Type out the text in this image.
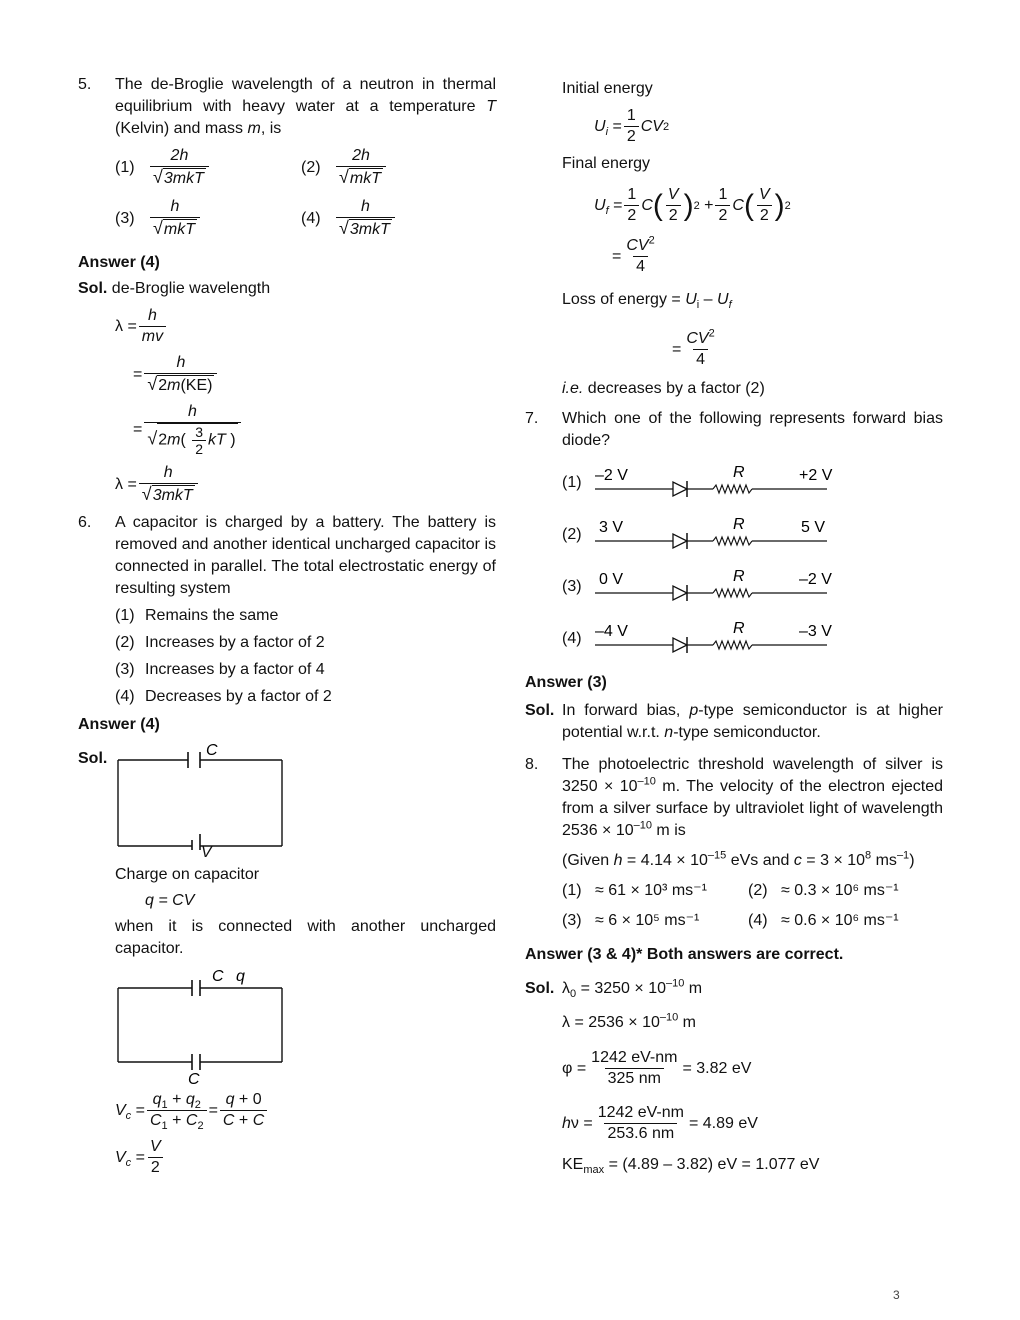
5.	The de-Broglie wavelength of a neutron in thermal equilibrium with heavy water at a temperature T (Kelvin) and mass m, is
$(1) \frac{2h}{\text{√3mkT}}$	$(2) \frac{2h}{\text{√mkT}}$
$(3) \frac{h}{\text{√mkT}}$	$(4) \frac{h}{\text{√3mkT}}$
Answer (4)
Sol. de-Broglie wavelength
$\lambda = \frac{h}{mv}$
= $\frac{h}{√2m(KE)}$
= $\frac{h}{√2m( \frac{3}{2} kT )}$
$\lambda = \frac{h}{\text{√3mkT}}$
6.	A capacitor is charged by a battery. The battery is removed and another identical uncharged capacitor is connected in parallel. The total electrostatic energy of resulting system
(1) Remains the same
(2) Increases by a factor of 2
(3) Increases by a factor of 4
(4) Decreases by a factor of 2
Answer (4)
Sol.	C
V
Charge on capacitor
q = CV
when it is connected with another uncharged capacitor.
C q
C
$V_c = \frac{q_1 + q_2}{C_1 + C_2} = \frac{q + 0}{C + C}$
$V_c = \frac{V}{2}$
Initial energy
$U_i = \frac{1}{2}$ CV 2
Final energy
$U_f = \frac{1}{2}$ C ( $\frac{V}{2}$ ) $2 + \frac{1}{2}$ C ( $\frac{V}{2}$ ) 2
= $\frac{CV^2}{4}$
Loss of energy = $U_i - U_f$
= $\frac{CV^2}{4}$
i.e. decreases by a factor (2)
7.	Which one of the following represents forward bias diode?
(1) –2 V	R	+2 V
(2)	3 V	R	5 V
(3)	0 V	R	–2 V
(4) –4 V	R	–3 V
Answer (3)
Sol. In forward bias, p-type semiconductor is at higher potential w.r.t. n-type semiconductor.
8.	The photoelectric threshold wavelength of silver is $3250 \times 10^{-10}$ m. The velocity of the electron ejected from a silver surface by ultraviolet light of wavelength $2536 \times 10^{-10}$ m is
(Given $h = 4.14 \times 10^{-15}$ eVs and $c = 3 \times 10^8$ $ms^{-1}$)
(1) ≈ 61 × 10³ ms⁻¹	(2) ≈ 0.3 × 10⁶ ms⁻¹
(3) ≈ 6 × 10⁵ ms⁻¹	(4) ≈ 0.6 × 10⁶ ms⁻¹
Answer (3 & 4)* Both answers are correct.
Sol. $\lambda_0 = 3250 \times 10^{-10}$ m
$\lambda = 2536 \times 10^{-10}$ m
$\varphi = \frac{1242 eV-nm}{325 nm} = 3.82$ eV
h $\nu = \frac{1242 eV-nm}{253.6 nm} = 4.89$ eV
$KE_{max} = (4.89 - 3.82)$ eV = 1.077 eV
3
